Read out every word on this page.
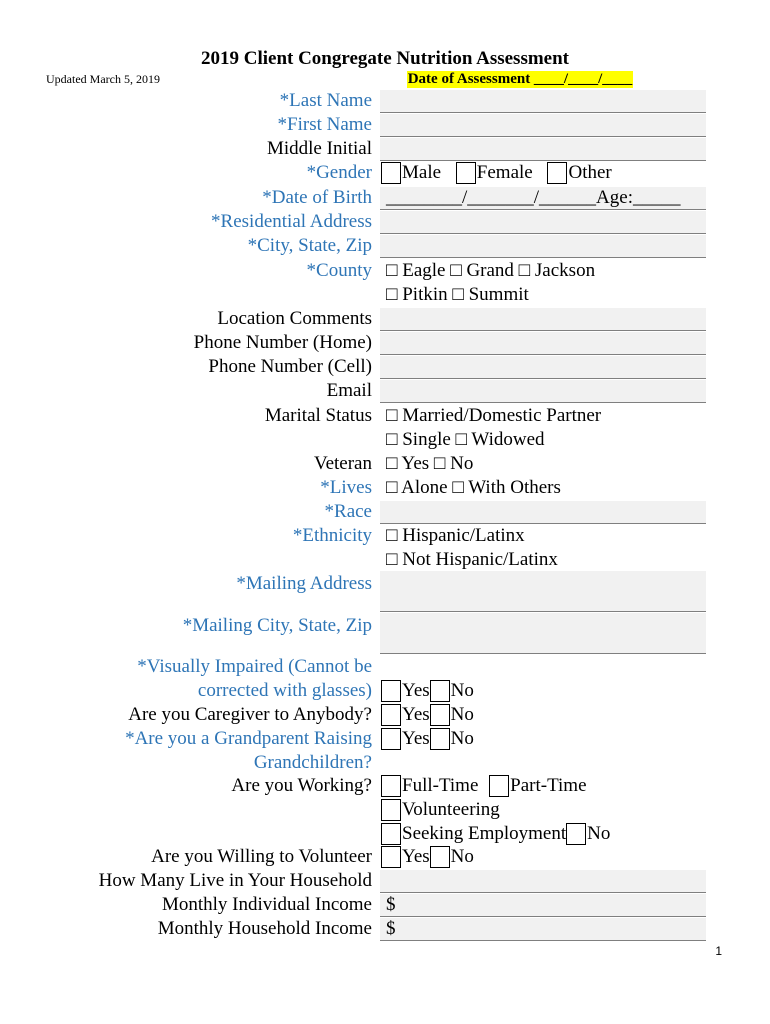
2019 Client Congregate Nutrition Assessment
Updated March 5, 2019	Date of Assessment ____/____/____
*Last Name
*First Name
Middle Initial
*Gender	Male Female Other
*Date of Birth ________/_______/______Age:_____
*Residential Address
*City, State, Zip
*County □ Eagle □ Grand □ Jackson
□ Pitkin □ Summit
Location Comments
Phone Number (Home)
Phone Number (Cell)
Email
Marital Status □ Married/Domestic Partner
□ Single □ Widowed
Veteran □ Yes □ No
*Lives □ Alone □ With Others
*Race
*Ethnicity □ Hispanic/Latinx
□ Not Hispanic/Latinx
*Mailing Address
*Mailing City, State, Zip
*Visually Impaired (Cannot be
corrected with glasses)	Yes No
Are you Caregiver to Anybody?	Yes No
*Are you a Grandparent Raising
Grandchildren?
Yes No
Are you Working?	Full-Time Part-Time
Volunteering
Seeking Employment No
Are you Willing to Volunteer	Yes No
How Many Live in Your Household
Monthly Individual Income $
Monthly Household Income $
1
